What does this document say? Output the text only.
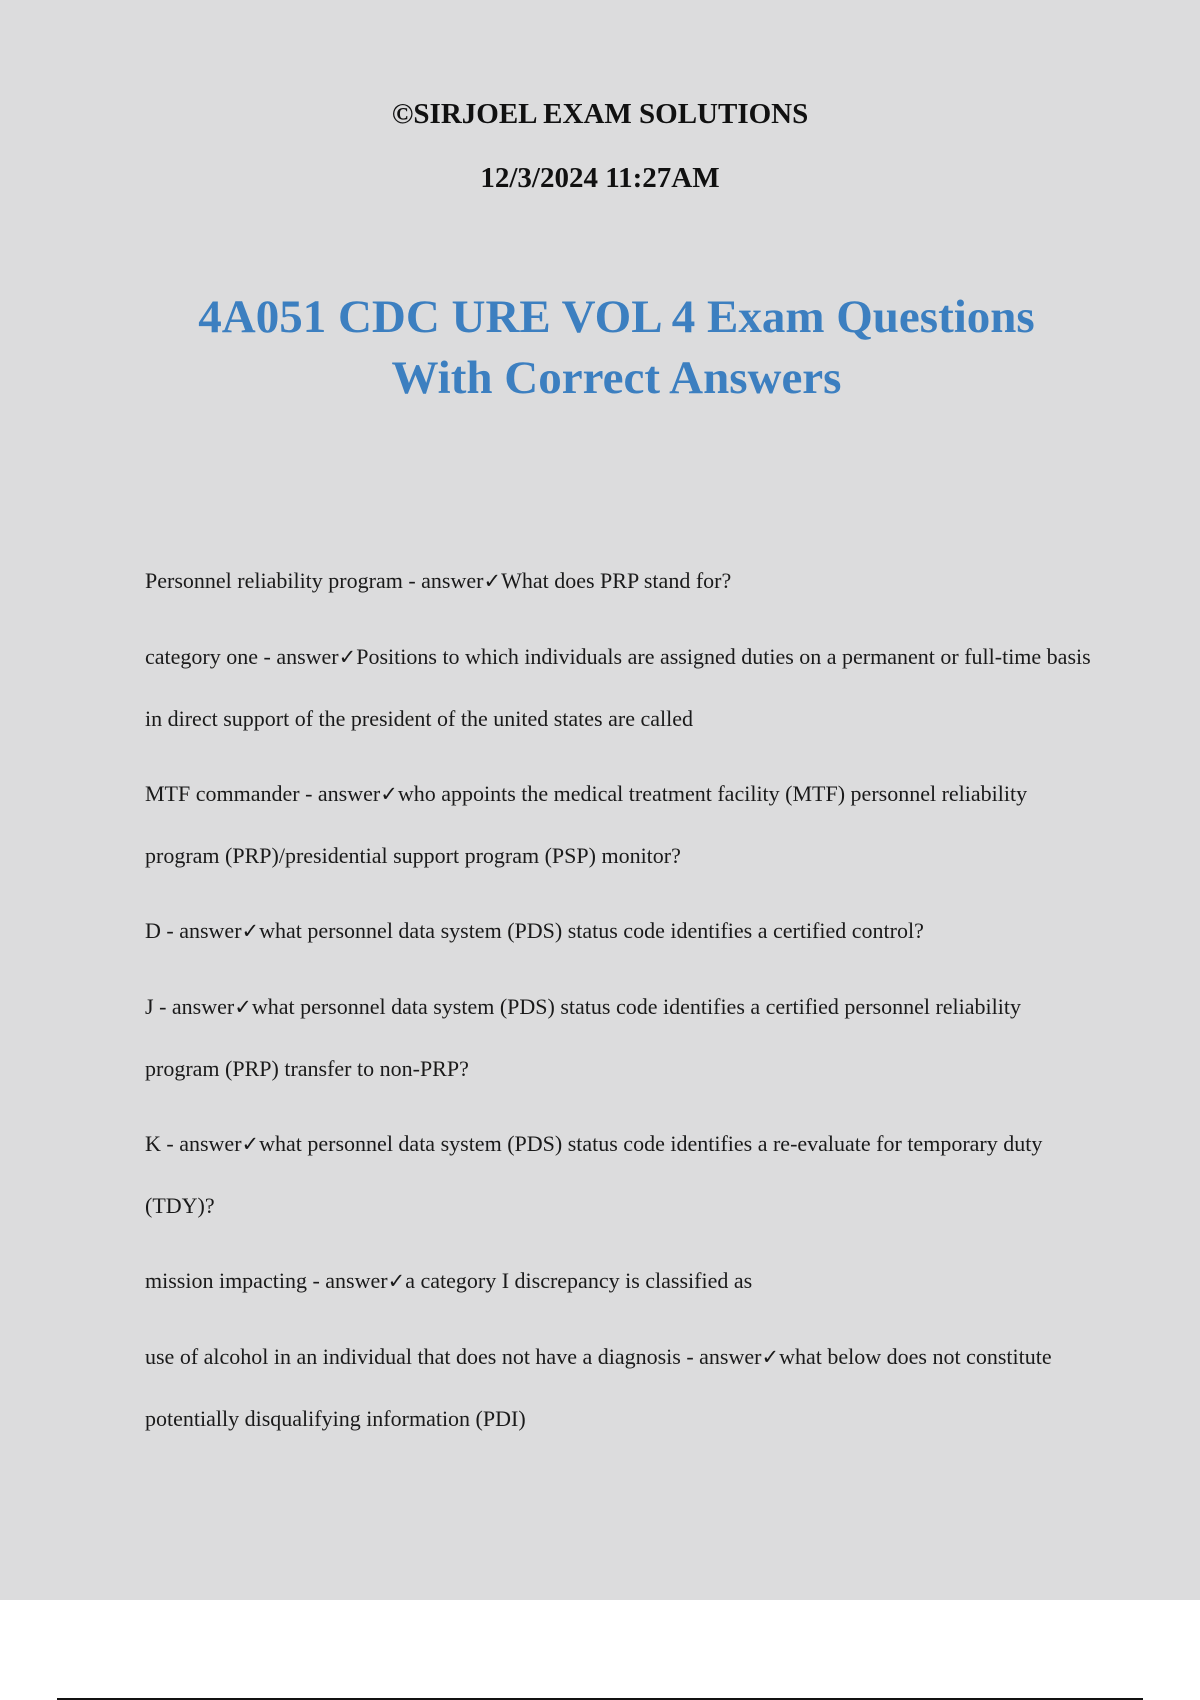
©SIRJOEL EXAM SOLUTIONS
12/3/2024 11:27AM
4A051 CDC URE VOL 4 Exam Questions
With Correct Answers
Personnel reliability program - answer✓What does PRP stand for?
category one - answer✓Positions to which individuals are assigned duties on a permanent or full-time basis in direct support of the president of the united states are called
MTF commander - answer✓who appoints the medical treatment facility (MTF) personnel reliability program (PRP)/presidential support program (PSP) monitor?
D - answer✓what personnel data system (PDS) status code identifies a certified control?
J - answer✓what personnel data system (PDS) status code identifies a certified personnel reliability program (PRP) transfer to non-PRP?
K - answer✓what personnel data system (PDS) status code identifies a re-evaluate for temporary duty (TDY)?
mission impacting - answer✓a category I discrepancy is classified as
use of alcohol in an individual that does not have a diagnosis - answer✓what below does not constitute potentially disqualifying information (PDI)
